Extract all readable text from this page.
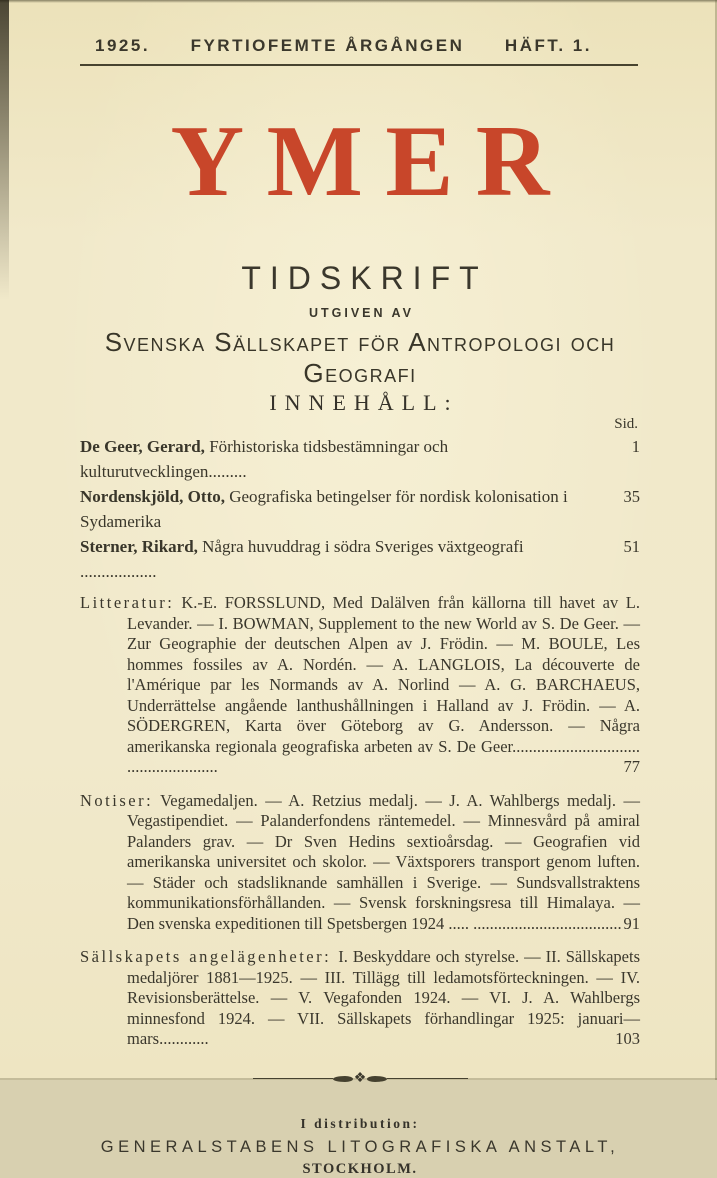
1925. FYRTIOFEMTE ÅRGÅNGEN HÄFT. 1.
YMER
TIDSKRIFT
UTGIVEN AV
Svenska Sällskapet för Antropologi och Geografi
INNEHÅLL:
Sid.
De Geer, Gerard, Förhistoriska tidsbestämningar och kulturutvecklingen.........
1
Nordenskjöld, Otto, Geografiska betingelser för nordisk kolonisation i Sydamerika
35
Sterner, Rikard, Några huvuddrag i södra Sveriges växtgeografi ..................
51

Litteratur: K.-E. FORSSLUND, Med Dalälven från källorna till havet av L. Levander. — I. BOWMAN, Supplement to the new World av S. De Geer. — Zur Geographie der deutschen Alpen av J. Frödin. — M. BOULE, Les hommes fossiles av A. Nordén. — A. LANGLOIS, La découverte de l'Amérique par les Normands av A. Norlind — A. G. BARCHAEUS, Underrättelse angående lanthushållningen i Halland av J. Frödin. — A. SÖDERGREN, Karta över Göteborg av G. Andersson. — Några amerikanska regionala geografiska arbeten av S. De Geer............................... ......................	77

Notiser: Vegamedaljen. — A. Retzius medalj. — J. A. Wahlbergs medalj. — Vegastipendiet. — Palanderfondens räntemedel. — Minnesvård på amiral Palanders grav. — Dr Sven Hedins sextioårsdag. — Geografien vid amerikanska universitet och skolor. — Växtsporers transport genom luften. — Städer och stadsliknande samhällen i Sverige. — Sundsvallstraktens kommunikationsförhållanden. — Svensk forskningsresa till Himalaya. — Den svenska expeditionen till Spetsbergen 1924 ..... .................................... 91

Sällskapets angelägenheter: I. Beskyddare och styrelse. — II. Sällskapets medaljörer 1881—1925. — III. Tillägg till ledamotsförteckningen. — IV. Revisionsberättelse. — V. Vegafonden 1924. — VI. J. A. Wahlbergs minnesfond 1924. — VII. Sällskapets förhandlingar 1925: januari—mars............	103

❖
I distribution:
GENERALSTABENS LITOGRAFISKA ANSTALT,
STOCKHOLM.
